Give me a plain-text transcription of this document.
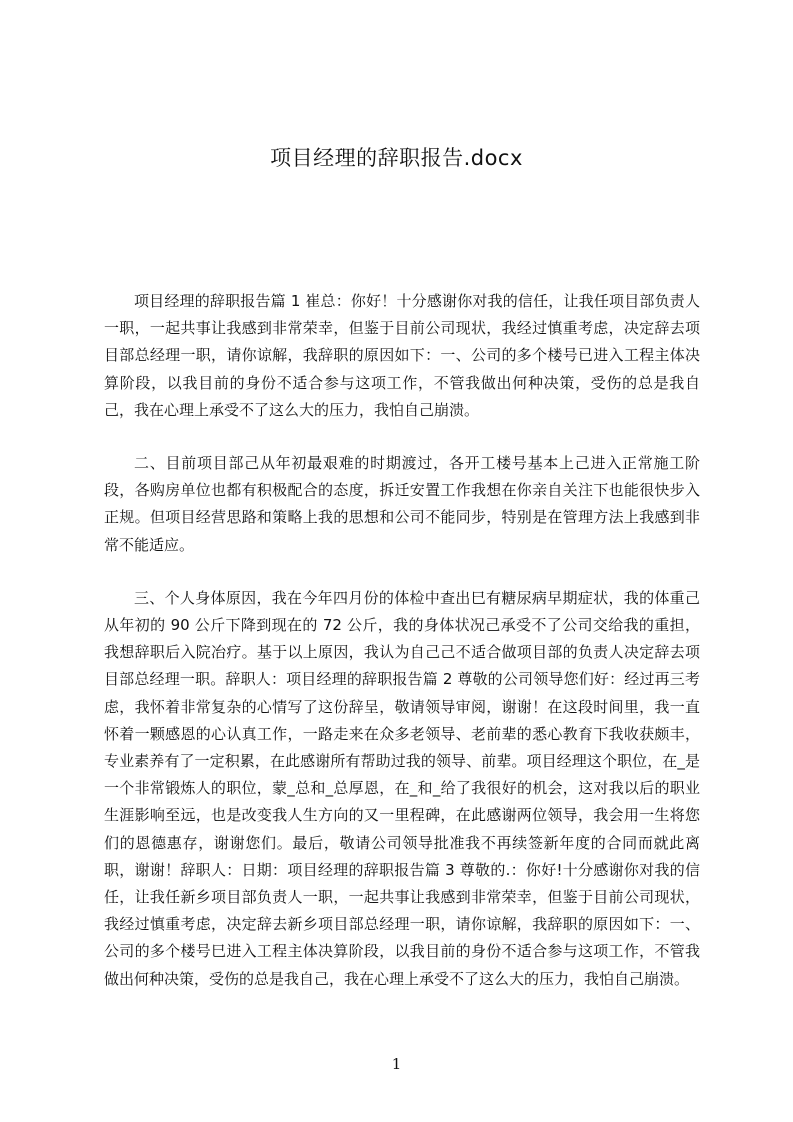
项目经理的辞职报告.docx

项目经理的辞职报告篇 1 崔总：你好！十分感谢你对我的信任，让我任项目部负责人一职，一起共事让我感到非常荣幸，但鉴于目前公司现状，我经过慎重考虑，决定辞去项目部总经理一职，请你谅解，我辞职的原因如下：一、公司的多个楼号已进入工程主体决算阶段，以我目前的身份不适合参与这项工作，不管我做出何种决策，受伤的总是我自己，我在心理上承受不了这么大的压力，我怕自己崩溃。

二、目前项目部己从年初最艰难的时期渡过，各开工楼号基本上己进入正常施工阶段，各购房单位也都有积极配合的态度，拆迁安置工作我想在你亲自关注下也能很快步入正规。但项目经营思路和策略上我的思想和公司不能同步，特别是在管理方法上我感到非常不能适应。

三、个人身体原因，我在今年四月份的体检中查出巳有糖尿病早期症状，我的体重己从年初的 90 公斤下降到现在的 72 公斤，我的身体状况己承受不了公司交给我的重担，我想辞职后入院冶疗。基于以上原因，我认为自己己不适合做项目部的负责人决定辞去项目部总经理一职。辞职人：项目经理的辞职报告篇 2 尊敬的公司领导您们好：经过再三考虑，我怀着非常复杂的心情写了这份辞呈，敬请领导审阅，谢谢！在这段时间里，我一直怀着一颗感恩的心认真工作，一路走来在众多老领导、老前辈的悉心教育下我收获颇丰，专业素养有了一定积累，在此感谢所有帮助过我的领导、前辈。项目经理这个职位，在_是一个非常锻炼人的职位，蒙_总和_总厚恩，在_和_给了我很好的机会，这对我以后的职业生涯影响至远，也是改变我人生方向的又一里程碑，在此感谢两位领导，我会用一生将您们的恩德惠存，谢谢您们。最后，敬请公司领导批准我不再续签新年度的合同而就此离职，谢谢！辞职人：日期：项目经理的辞职报告篇 3 尊敬的.：你好!十分感谢你对我的信任，让我任新乡项目部负责人一职，一起共事让我感到非常荣幸，但鉴于目前公司现状，我经过慎重考虑，决定辞去新乡项目部总经理一职，请你谅解，我辞职的原因如下：一、公司的多个楼号巳进入工程主体决算阶段，以我目前的身份不适合参与这项工作，不管我做出何种决策，受伤的总是我自己，我在心理上承受不了这么大的压力，我怕自己崩溃。

1
